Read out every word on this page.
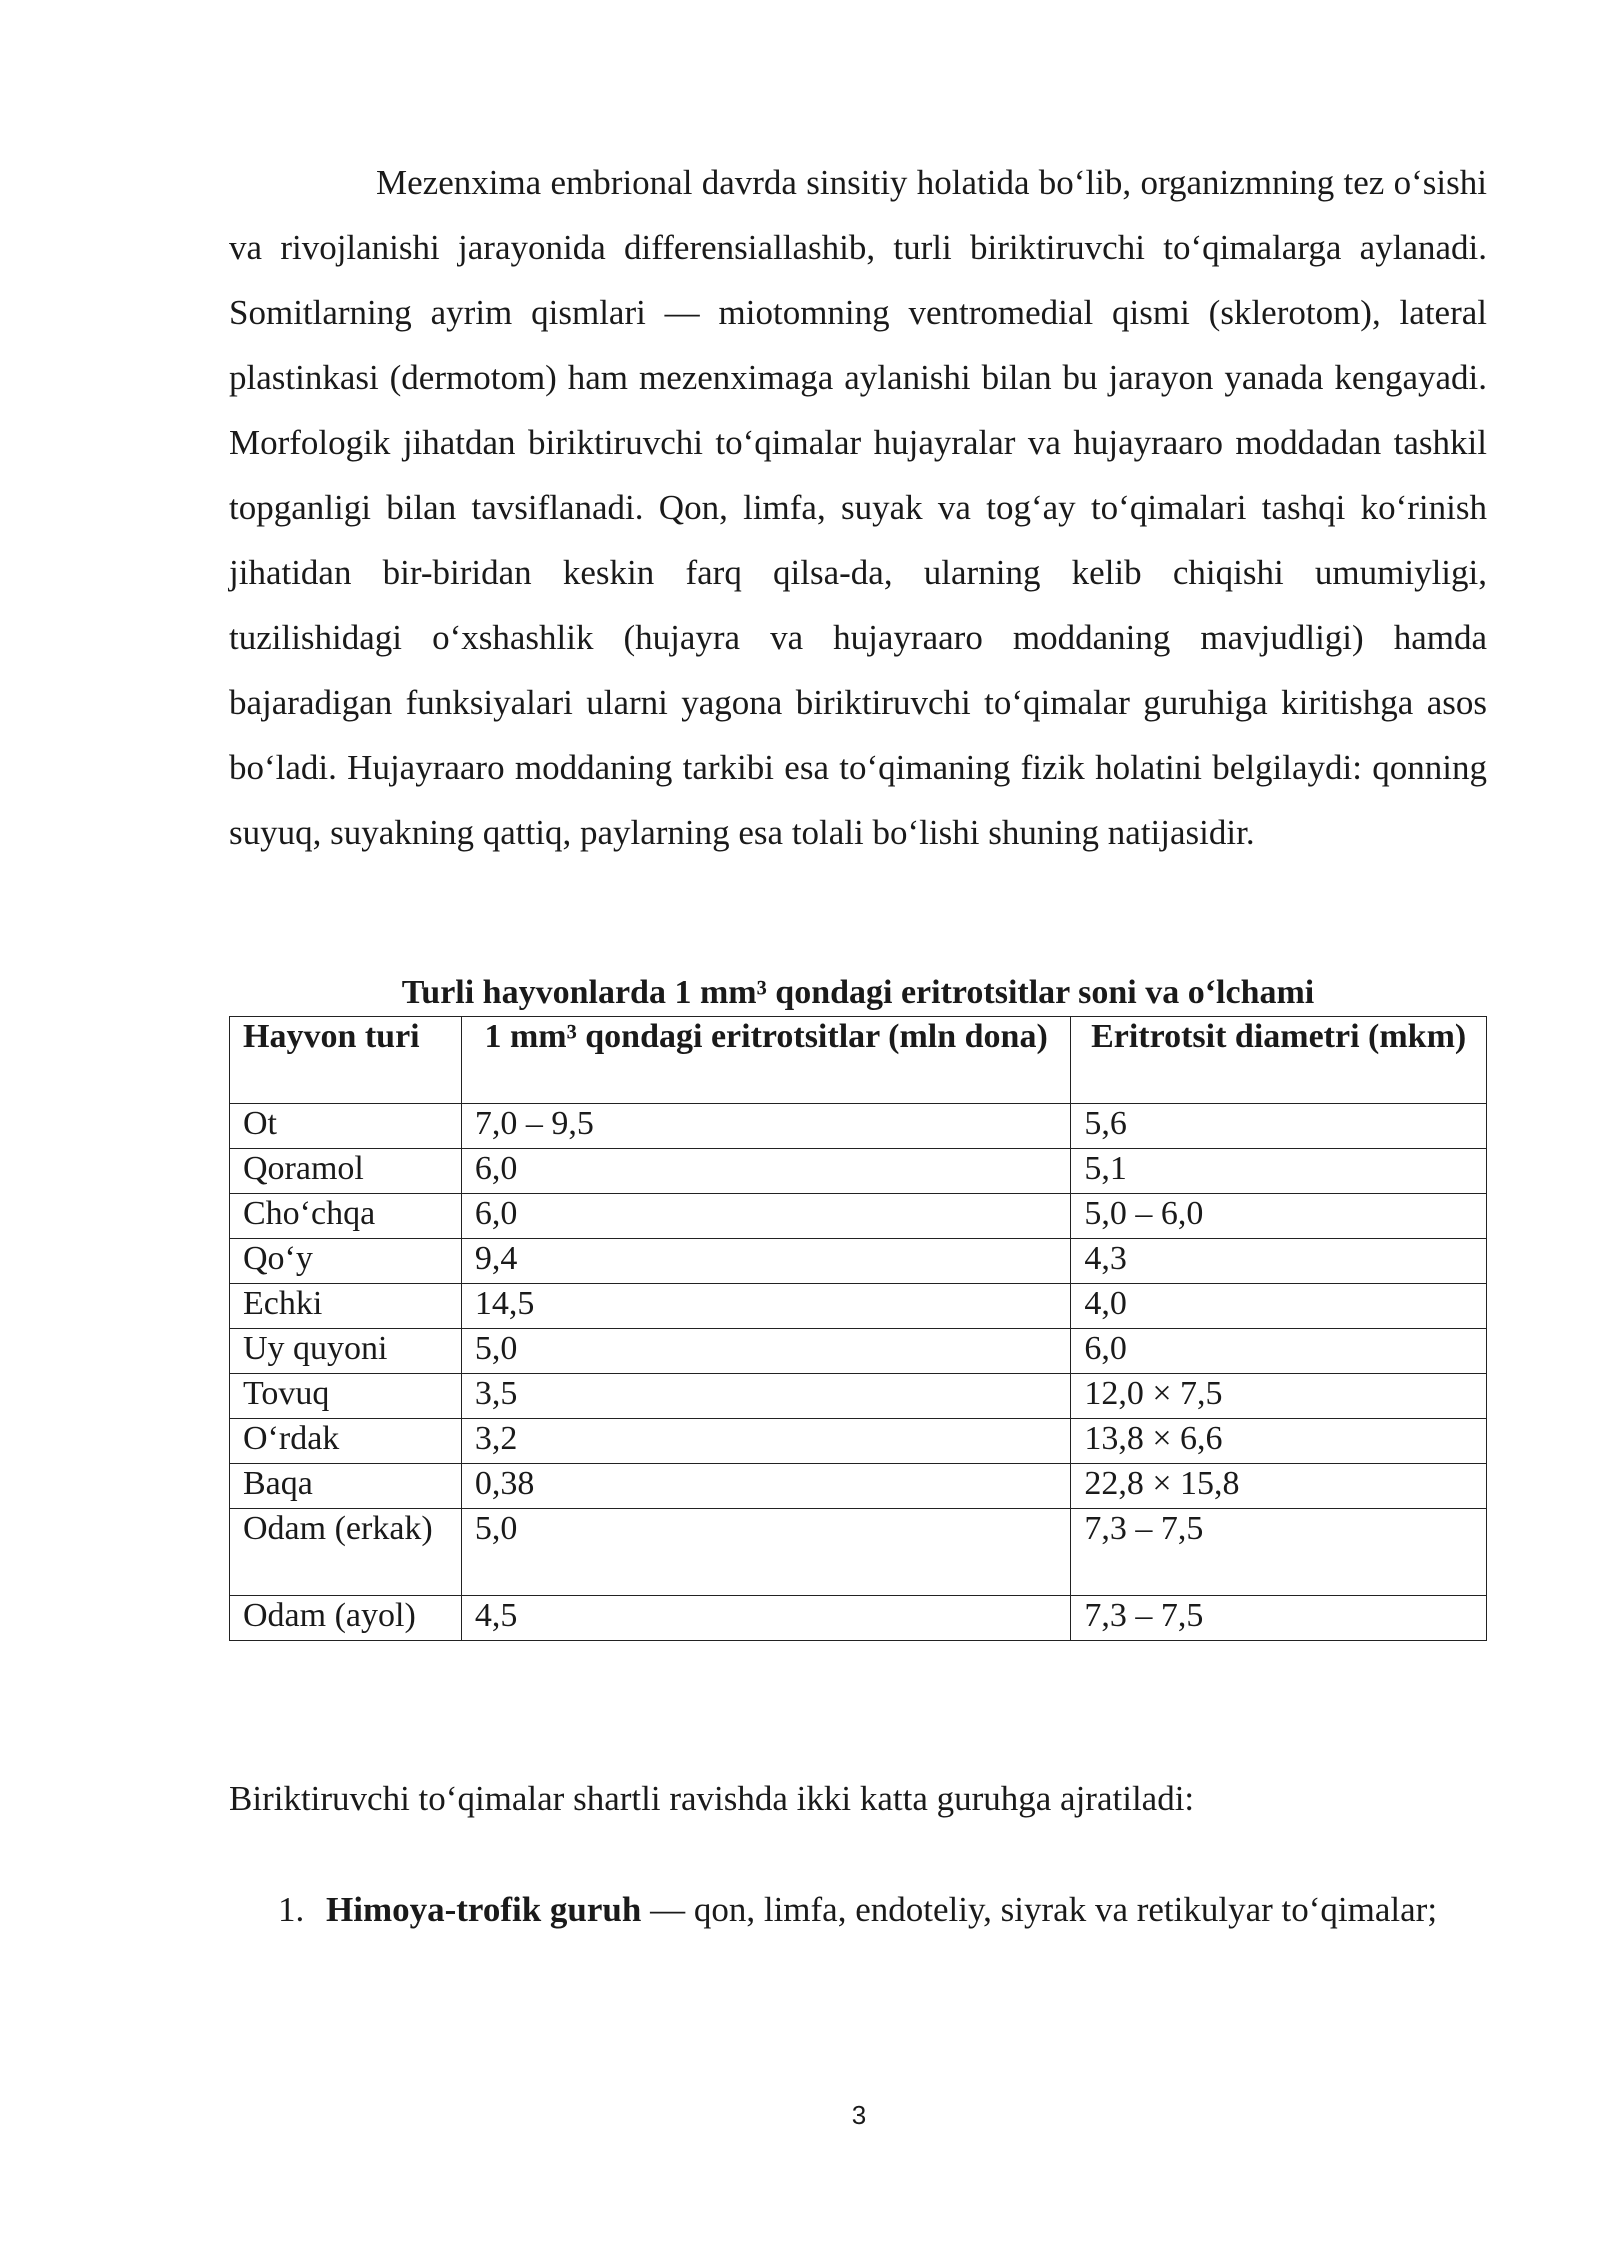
Mezenxima embrional davrda sinsitiy holatida bo‘lib, organizmning tez o‘sishi va rivojlanishi jarayonida differensiallashib, turli biriktiruvchi to‘qimalarga aylanadi. Somitlarning ayrim qismlari — miotomning ventromedial qismi (sklerotom), lateral plastinkasi (dermotom) ham mezenximaga aylanishi bilan bu jarayon yanada kengayadi. Morfologik jihatdan biriktiruvchi to‘qimalar hujayralar va hujayraaro moddadan tashkil topganligi bilan tavsiflanadi. Qon, limfa, suyak va tog‘ay to‘qimalari tashqi ko‘rinish jihatidan bir-biridan keskin farq qilsa-da, ularning kelib chiqishi umumiyligi, tuzilishidagi o‘xshashlik (hujayra va hujayraaro moddaning mavjudligi) hamda bajaradigan funksiyalari ularni yagona biriktiruvchi to‘qimalar guruhiga kiritishga asos bo‘ladi. Hujayraaro moddaning tarkibi esa to‘qimaning fizik holatini belgilaydi: qonning suyuq, suyakning qattiq, paylarning esa tolali bo‘lishi shuning natijasidir.

Turli hayvonlarda 1 mm³ qondagi eritrotsitlar soni va o‘lchami

Hayvon turi	1 mm³ qondagi eritrotsitlar (mln dona)	Eritrotsit diametri (mkm)
Ot	7,0 – 9,5	5,6
Qoramol	6,0	5,1
Cho‘chqa	6,0	5,0 – 6,0
Qo‘y	9,4	4,3
Echki	14,5	4,0
Uy quyoni	5,0	6,0
Tovuq	3,5	12,0 × 7,5
O‘rdak	3,2	13,8 × 6,6
Baqa	0,38	22,8 × 15,8
Odam (erkak)	5,0	7,3 – 7,5
Odam (ayol)	4,5	7,3 – 7,5

Biriktiruvchi to‘qimalar shartli ravishda ikki katta guruhga ajratiladi:

1. Himoya-trofik guruh — qon, limfa, endoteliy, siyrak va retikulyar to‘qimalar;
3
